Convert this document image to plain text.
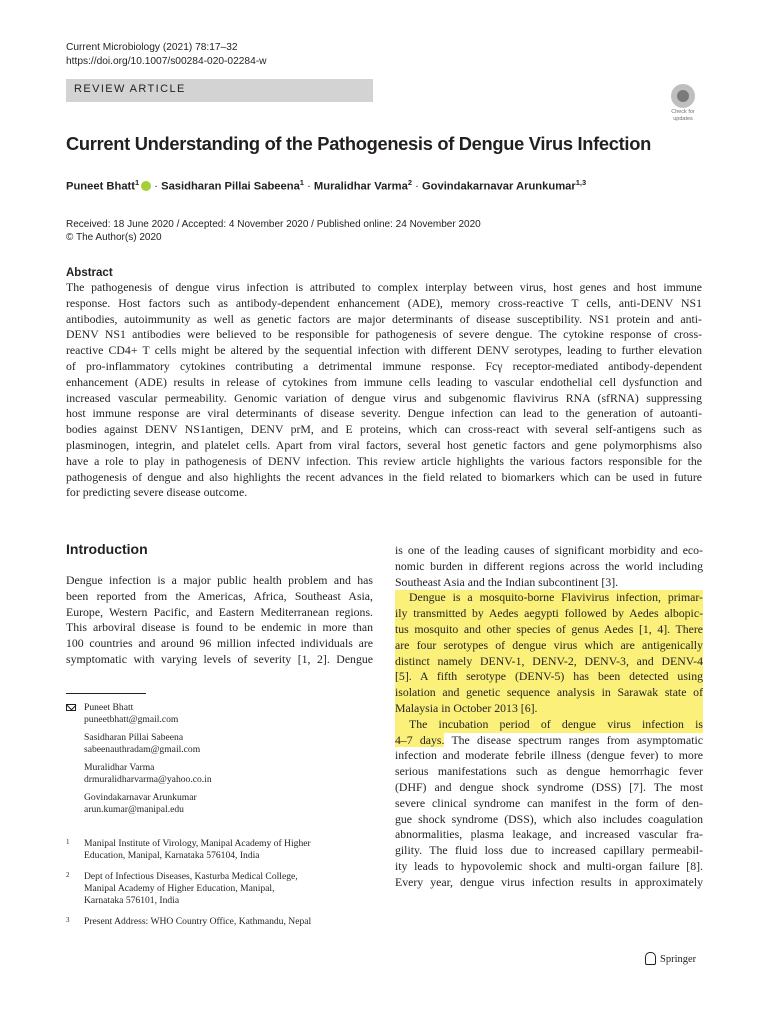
Current Microbiology (2021) 78:17–32
https://doi.org/10.1007/s00284-020-02284-w
REVIEW ARTICLE
Check for
updates
Current Understanding of the Pathogenesis of Dengue Virus Infection
Puneet Bhatt$^1$ · Sasidharan Pillai Sabeena$^1$ · Muralidhar Varma$^2$ · Govindakarnavar Arunkumar$^{1,3}$
Received: 18 June 2020 / Accepted: 4 November 2020 / Published online: 24 November 2020
© The Author(s) 2020
Abstract
The pathogenesis of dengue virus infection is attributed to complex interplay between virus, host genes and host immune
response. Host factors such as antibody-dependent enhancement (ADE), memory cross-reactive T cells, anti-DENV NS1
antibodies, autoimmunity as well as genetic factors are major determinants of disease susceptibility. NS1 protein and anti-
DENV NS1 antibodies were believed to be responsible for pathogenesis of severe dengue. The cytokine response of cross-
reactive CD4+ T cells might be altered by the sequential infection with different DENV serotypes, leading to further elevation
of pro-inflammatory cytokines contributing a detrimental immune response. Fcγ receptor-mediated antibody-dependent
enhancement (ADE) results in release of cytokines from immune cells leading to vascular endothelial cell dysfunction and
increased vascular permeability. Genomic variation of dengue virus and subgenomic flavivirus RNA (sfRNA) suppressing
host immune response are viral determinants of disease severity. Dengue infection can lead to the generation of autoanti-
bodies against DENV NS1antigen, DENV prM, and E proteins, which can cross-react with several self-antigens such as
plasminogen, integrin, and platelet cells. Apart from viral factors, several host genetic factors and gene polymorphisms also
have a role to play in pathogenesis of DENV infection. This review article highlights the various factors responsible for the
pathogenesis of dengue and also highlights the recent advances in the field related to biomarkers which can be used in future
for predicting severe disease outcome.
Introduction
Dengue infection is a major public health problem and has
been reported from the Americas, Africa, Southeast Asia,
Europe, Western Pacific, and Eastern Mediterranean regions.
This arboviral disease is found to be endemic in more than
100 countries and around 96 million infected individuals are
symptomatic with varying levels of severity [1, 2]. Dengue
is one of the leading causes of significant morbidity and eco-
nomic burden in different regions across the world including
Southeast Asia and the Indian subcontinent [3].
Dengue is a mosquito-borne Flavivirus infection, primar-
ily transmitted by Aedes aegypti followed by Aedes albopic-
tus mosquito and other species of genus Aedes [1, 4]. There
are four serotypes of dengue virus which are antigenically
distinct namely DENV-1, DENV-2, DENV-3, and DENV-4
[5]. A fifth serotype (DENV-5) has been detected using
isolation and genetic sequence analysis in Sarawak state of
Malaysia in October 2013 [6].
The incubation period of dengue virus infection is
4–7 days. The disease spectrum ranges from asymptomatic
infection and moderate febrile illness (dengue fever) to more
serious manifestations such as dengue hemorrhagic fever
(DHF) and dengue shock syndrome (DSS) [7]. The most
severe clinical syndrome can manifest in the form of den-
gue shock syndrome (DSS), which also includes coagulation
abnormalities, plasma leakage, and increased vascular fra-
gility. The fluid loss due to increased capillary permeabil-
ity leads to hypovolemic shock and multi-organ failure [8].
Every year, dengue virus infection results in approximately
Puneet Bhatt
puneetbhatt@gmail.com
Sasidharan Pillai Sabeena
sabeenauthradam@gmail.com
Muralidhar Varma
drmuralidharvarma@yahoo.co.in
Govindakarnavar Arunkumar
arun.kumar@manipal.edu
1 Manipal Institute of Virology, Manipal Academy of Higher
Education, Manipal, Karnataka 576104, India
2 Dept of Infectious Diseases, Kasturba Medical College,
Manipal Academy of Higher Education, Manipal,
Karnataka 576101, India
3 Present Address: WHO Country Office, Kathmandu, Nepal
Springer
